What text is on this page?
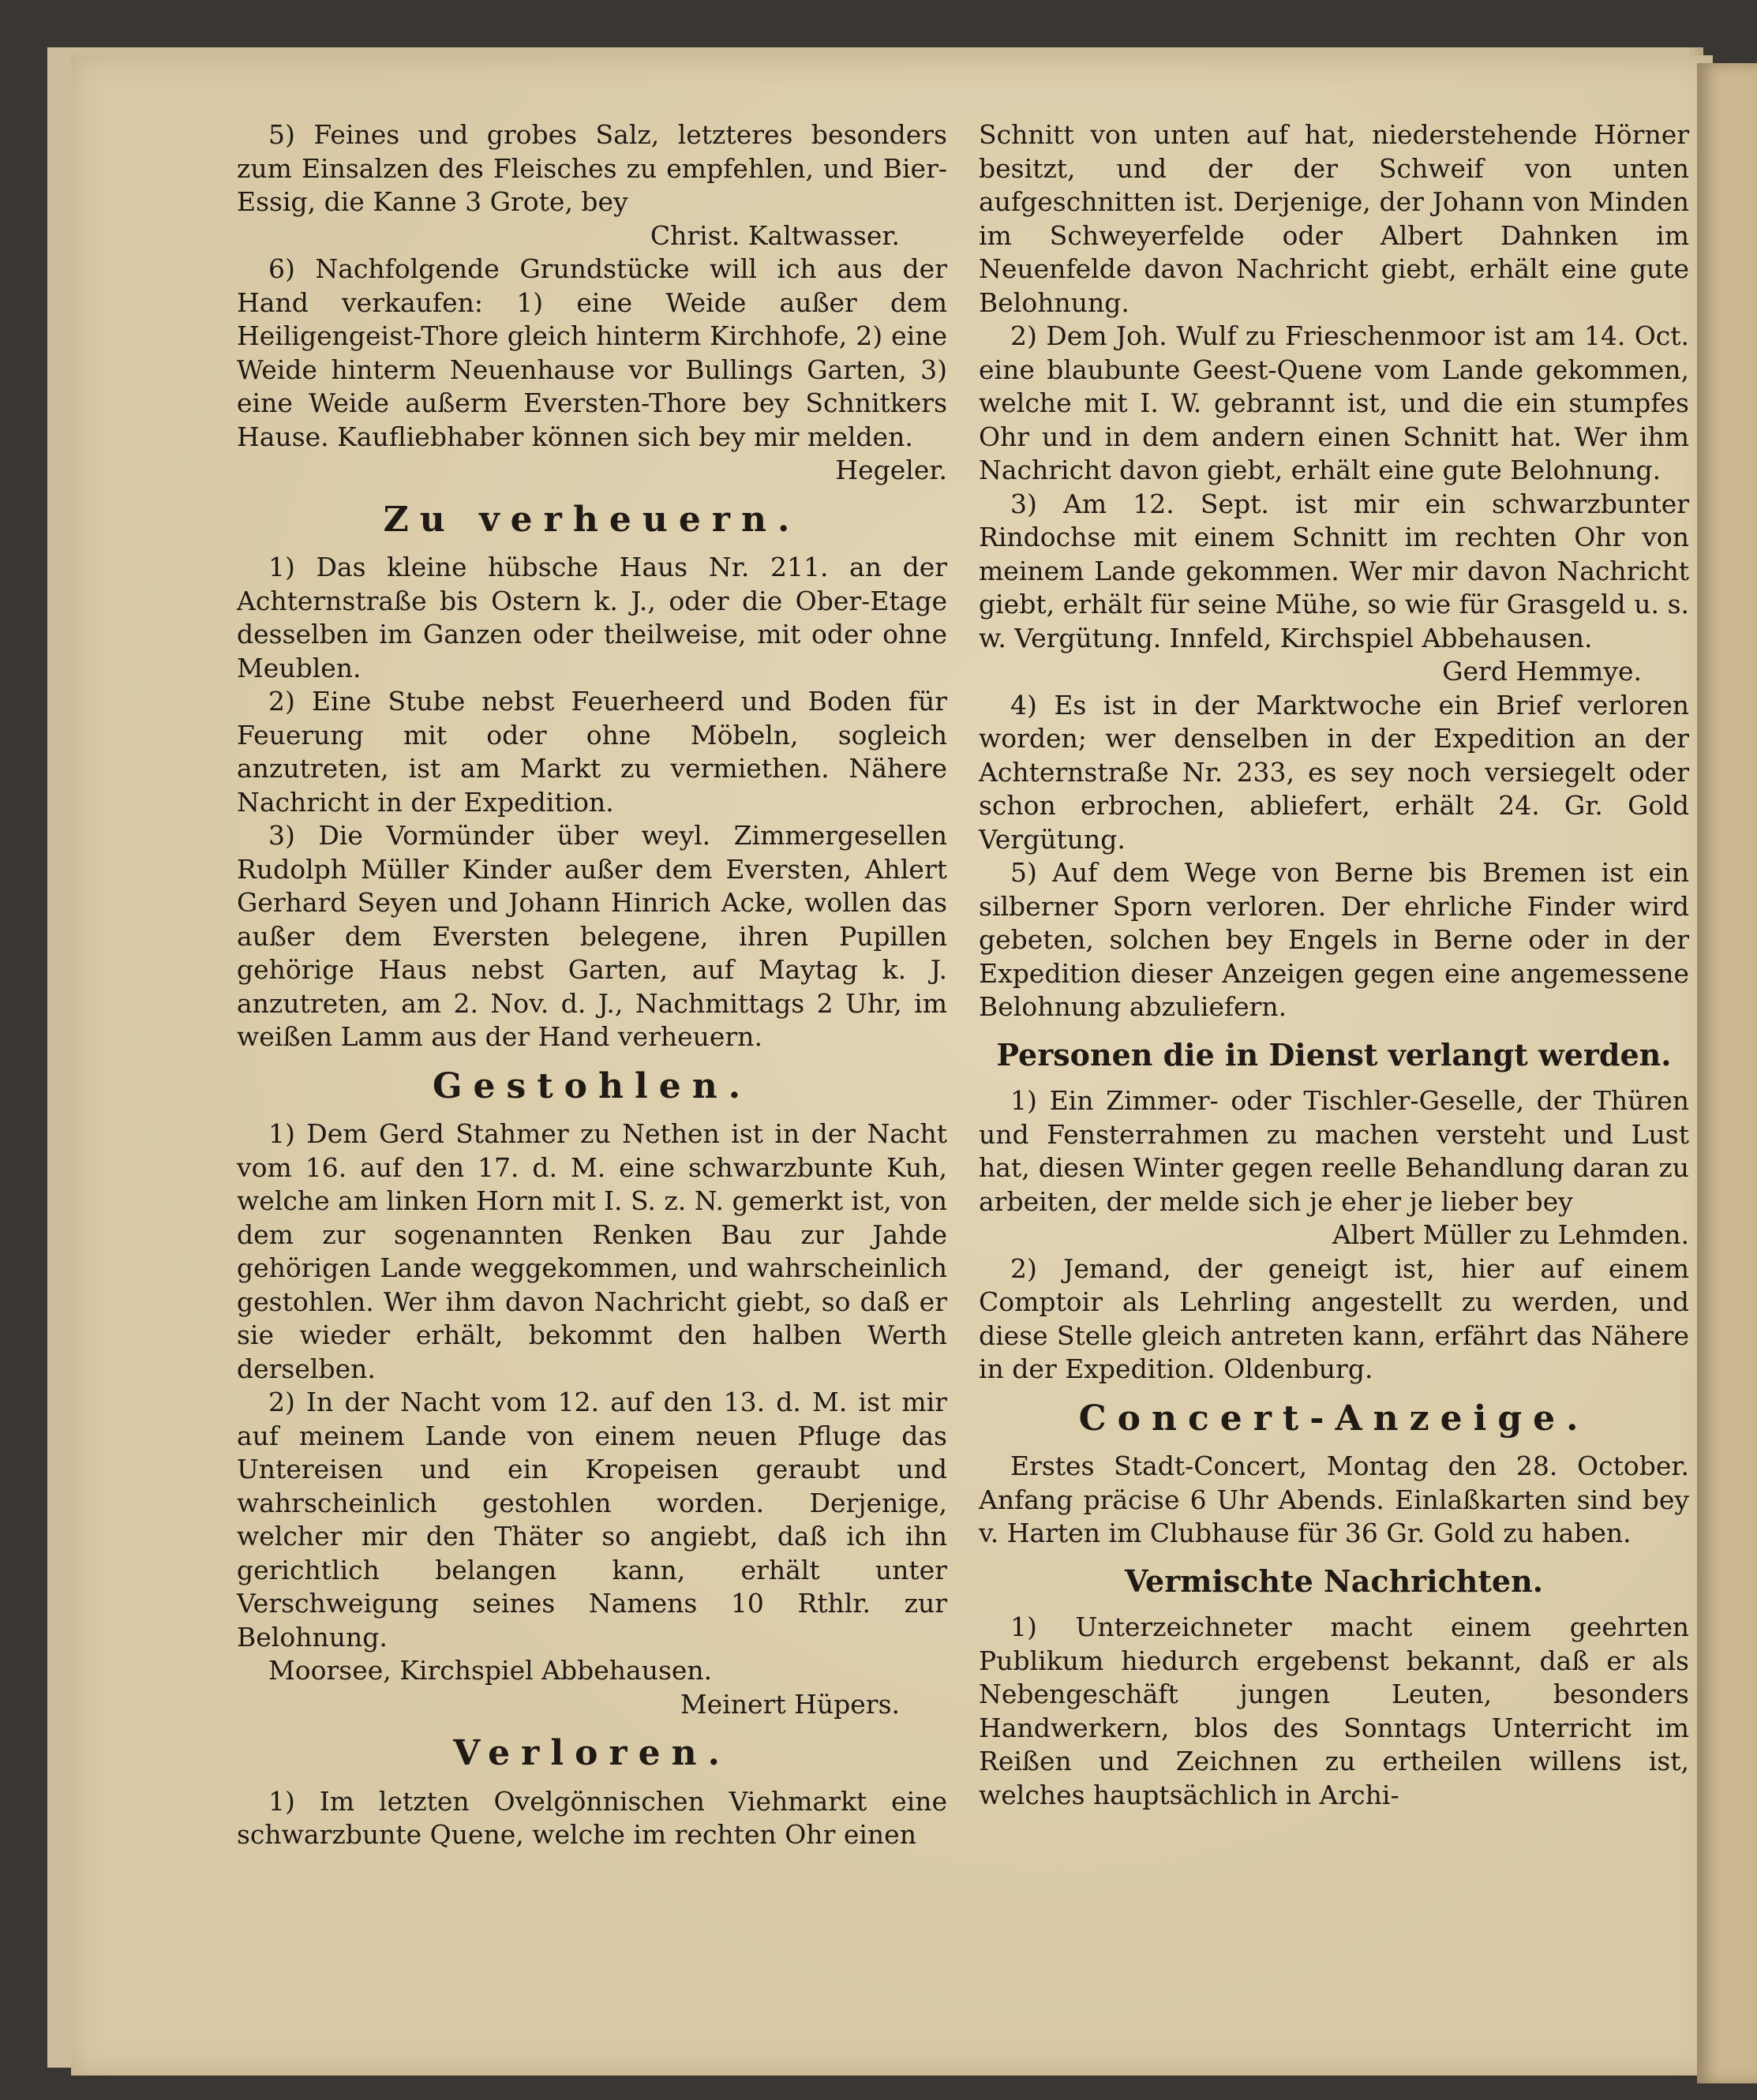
5) Feines und grobes Salz, letzteres besonders zum Einsalzen des Fleisches zu empfehlen, und Bier-Essig, die Kanne 3 Grote, bey

Christ. Kaltwasser.

6) Nachfolgende Grundstücke will ich aus der Hand verkaufen: 1) eine Weide außer dem Heiligengeist-Thore gleich hinterm Kirchhofe, 2) eine Weide hinterm Neuenhause vor Bullings Garten, 3) eine Weide außerm Eversten-Thore bey Schnitkers Hause. Kaufliebhaber können sich bey mir melden.

Hegeler.

Zu verheuern.

1) Das kleine hübsche Haus Nr. 211. an der Achternstraße bis Ostern k. J., oder die Ober-Etage desselben im Ganzen oder theilweise, mit oder ohne Meublen.

2) Eine Stube nebst Feuerheerd und Boden für Feuerung mit oder ohne Möbeln, sogleich anzutreten, ist am Markt zu vermiethen. Nähere Nachricht in der Expedition.

3) Die Vormünder über weyl. Zimmergesellen Rudolph Müller Kinder außer dem Eversten, Ahlert Gerhard Seyen und Johann Hinrich Acke, wollen das außer dem Eversten belegene, ihren Pupillen gehörige Haus nebst Garten, auf Maytag k. J. anzutreten, am 2. Nov. d. J., Nachmittags 2 Uhr, im weißen Lamm aus der Hand verheuern.

Gestohlen.

1) Dem Gerd Stahmer zu Nethen ist in der Nacht vom 16. auf den 17. d. M. eine schwarzbunte Kuh, welche am linken Horn mit I. S. z. N. gemerkt ist, von dem zur sogenannten Renken Bau zur Jahde gehörigen Lande weggekommen, und wahrscheinlich gestohlen. Wer ihm davon Nachricht giebt, so daß er sie wieder erhält, bekommt den halben Werth derselben.

2) In der Nacht vom 12. auf den 13. d. M. ist mir auf meinem Lande von einem neuen Pfluge das Untereisen und ein Kropeisen geraubt und wahrscheinlich gestohlen worden. Derjenige, welcher mir den Thäter so angiebt, daß ich ihn gerichtlich belangen kann, erhält unter Verschweigung seines Namens 10 Rthlr. zur Belohnung.

Moorsee, Kirchspiel Abbehausen.

Meinert Hüpers.

Verloren.

1) Im letzten Ovelgönnischen Viehmarkt eine schwarzbunte Quene, welche im rechten Ohr einen

Schnitt von unten auf hat, niederstehende Hörner besitzt, und der der Schweif von unten aufgeschnitten ist. Derjenige, der Johann von Minden im Schweyerfelde oder Albert Dahnken im Neuenfelde davon Nachricht giebt, erhält eine gute Belohnung.

2) Dem Joh. Wulf zu Frieschenmoor ist am 14. Oct. eine blaubunte Geest-Quene vom Lande gekommen, welche mit I. W. gebrannt ist, und die ein stumpfes Ohr und in dem andern einen Schnitt hat. Wer ihm Nachricht davon giebt, erhält eine gute Belohnung.

3) Am 12. Sept. ist mir ein schwarzbunter Rindochse mit einem Schnitt im rechten Ohr von meinem Lande gekommen. Wer mir davon Nachricht giebt, erhält für seine Mühe, so wie für Grasgeld u. s. w. Vergütung. Innfeld, Kirchspiel Abbehausen.

Gerd Hemmye.

4) Es ist in der Marktwoche ein Brief verloren worden; wer denselben in der Expedition an der Achternstraße Nr. 233, es sey noch versiegelt oder schon erbrochen, abliefert, erhält 24. Gr. Gold Vergütung.

5) Auf dem Wege von Berne bis Bremen ist ein silberner Sporn verloren. Der ehrliche Finder wird gebeten, solchen bey Engels in Berne oder in der Expedition dieser Anzeigen gegen eine angemessene Belohnung abzuliefern.

Personen die in Dienst verlangt werden.

1) Ein Zimmer- oder Tischler-Geselle, der Thüren und Fensterrahmen zu machen versteht und Lust hat, diesen Winter gegen reelle Behandlung daran zu arbeiten, der melde sich je eher je lieber bey

Albert Müller zu Lehmden.

2) Jemand, der geneigt ist, hier auf einem Comptoir als Lehrling angestellt zu werden, und diese Stelle gleich antreten kann, erfährt das Nähere in der Expedition. Oldenburg.

Concert-Anzeige.

Erstes Stadt-Concert, Montag den 28. October. Anfang präcise 6 Uhr Abends. Einlaßkarten sind bey v. Harten im Clubhause für 36 Gr. Gold zu haben.

Vermischte Nachrichten.

1) Unterzeichneter macht einem geehrten Publikum hiedurch ergebenst bekannt, daß er als Nebengeschäft jungen Leuten, besonders Handwerkern, blos des Sonntags Unterricht im Reißen und Zeichnen zu ertheilen willens ist, welches hauptsächlich in Archi-
